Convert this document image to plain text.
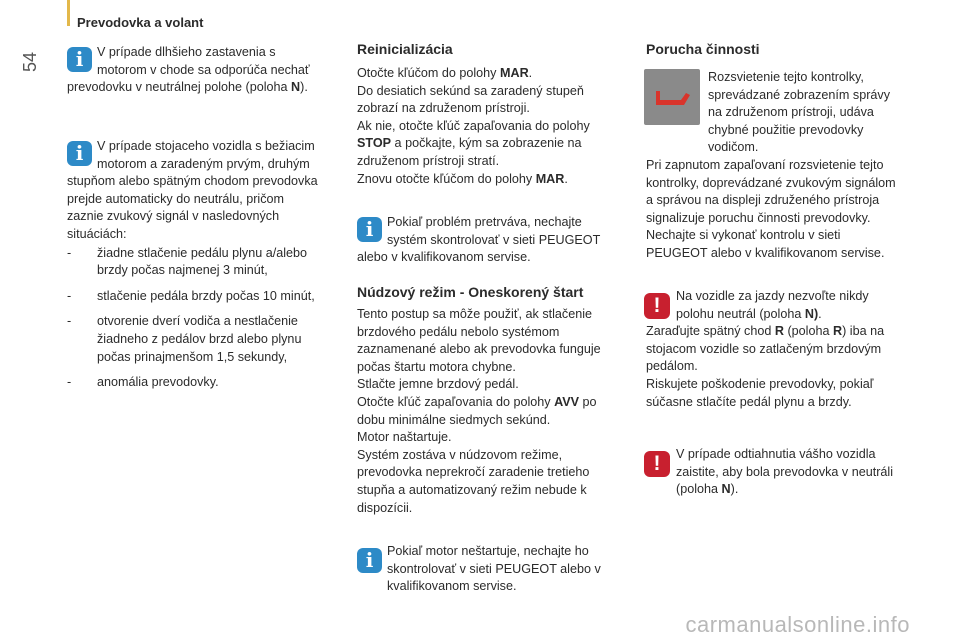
Prevodovka a volant
54	i	V prípade dlhšieho zastavenia s

motorom v chode sa odporúča nechať

prevodovku v neutrálnej polohe (poloha N).

i	V prípade stojaceho vozidla s bežiacim

motorom a zaradeným prvým, druhým

stupňom alebo spätným chodom prevodovka

prejde automaticky do neutrálu, pričom

zaznie zvukový signál v nasledovných

situáciách:

- žiadne stlačenie pedálu plynu a/alebo
brzdy počas najmenej 3 minút,
- stlačenie pedála brzdy počas 10 minút,
- otvorenie dverí vodiča a nestlačenie
žiadneho z pedálov brzd alebo plynu
počas prinajmenšom 1,5 sekundy,
- anomália prevodovky.
Reinicializácia

Otočte kľúčom do polohy MAR.

Do desiatich sekúnd sa zaradený stupeň

zobrazí na združenom prístroji.

Ak nie, otočte kľúč zapaľovania do polohy

STOP a počkajte, kým sa zobrazenie na

združenom prístroji stratí.

Znovu otočte kľúčom do polohy MAR.

i	Pokiaľ problém pretrváva, nechajte

systém skontrolovať v sieti PEUGEOT

alebo v kvalifikovanom servise.

Núdzový režim - Oneskorený štart

Tento postup sa môže použiť, ak stlačenie

brzdového pedálu nebolo systémom

zaznamenané alebo ak prevodovka funguje

počas štartu motora chybne.

Stlačte jemne brzdový pedál.

Otočte kľúč zapaľovania do polohy AVV po

dobu minimálne siedmych sekúnd.

Motor naštartuje.

Systém zostáva v núdzovom režime,

prevodovka neprekročí zaradenie tretieho

stupňa a automatizovaný režim nebude k

dispozícii.

i	Pokiaľ motor neštartuje, nechajte ho

skontrolovať v sieti PEUGEOT alebo v

kvalifikovanom servise.

Porucha činnosti

Rozsvietenie tejto kontrolky,

sprevádzané zobrazením správy

na združenom prístroji, udáva

chybné použitie prevodovky

vodičom.

Pri zapnutom zapaľovaní rozsvietenie tejto

kontrolky, doprevádzané zvukovým signálom

a správou na displeji združeného prístroja

signalizuje poruchu činnosti prevodovky.

Nechajte si vykonať kontrolu v sieti

PEUGEOT alebo v kvalifikovanom servise.

!	Na vozidle za jazdy nezvoľte nikdy

polohu neutrál (poloha N).

Zaraďujte spätný chod R (poloha R) iba na

stojacom vozidle so zatlačeným brzdovým

pedálom.

Riskujete poškodenie prevodovky, pokiaľ

súčasne stlačíte pedál plynu a brzdy.

!	V prípade odtiahnutia vášho vozidla

zaistite, aby bola prevodovka v neutráli

(poloha N).

carmanualsonline.info
